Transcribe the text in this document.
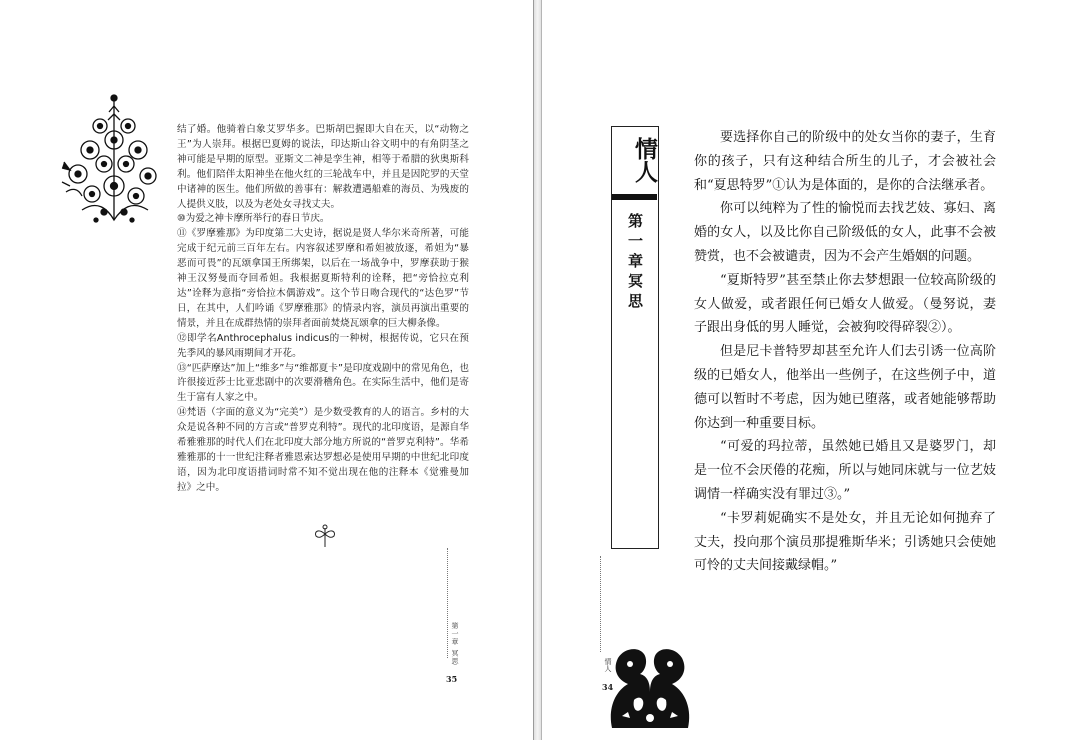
结了婚。他骑着白象艾罗华多。巴斯胡巴握即大自在天，以“动物之王”为人崇拜。根据巴夏姆的说法，印达斯山谷文明中的有角阴茎之神可能是早期的原型。亚斯文二神是孪生神，相等于希腊的狄奥斯科利。他们陪伴太阳神坐在他火红的三轮战车中，并且是因陀罗的天堂中诸神的医生。他们所做的善事有：解救遭遇船难的海员、为残废的人提供义肢，以及为老处女寻找丈夫。

⑩为爱之神卡摩所举行的春日节庆。

⑪《罗摩雅那》为印度第二大史诗，据说是贤人华尔米奇所著，可能完成于纪元前三百年左右。内容叙述罗摩和希妲被放逐，希妲为“暴恶而可畏”的瓦颂拿国王所绑架，以后在一场战争中，罗摩获助于猴神王汉努曼而夺回希妲。我根据夏斯特利的诠释，把“旁恰拉克利达”诠释为意指“旁恰拉木偶游戏”。这个节日吻合现代的“达色罗”节日，在其中，人们吟诵《罗摩雅那》的情录内容，演员再演出重要的情景，并且在成群热情的崇拜者面前焚烧瓦颂拿的巨大柳条像。

⑫即学名Anthrocephalus indicus的一种树，根据传说，它只在预先季风的暴风雨期间才开花。

⑬“匹萨摩达”加上“维多”与“维都夏卡”是印度戏剧中的常见角色，也许很接近莎士比亚悲剧中的次要滑稽角色。在实际生活中，他们是寄生于富有人家之中。

⑭梵语（字面的意义为“完美”）是少数受教育的人的语言。乡村的大众是说各种不同的方言或“普罗克利特”。现代的北印度语，是源自华希雅雅那的时代人们在北印度大部分地方所说的“普罗克利特”。华希雅雅那的十一世纪注释者雅恩索达罗想必是使用早期的中世纪北印度语，因为北印度语措词时常不知不觉出现在他的注释本《觉雅曼加拉》之中。

第一章 冥思
35
情人
第一章冥思
情人
34

要选择你自己的阶级中的处女当你的妻子，生育你的孩子，只有这种结合所生的儿子，才会被社会和“夏思特罗”①认为是体面的，是你的合法继承者。

你可以纯粹为了性的愉悦而去找艺妓、寡妇、离婚的女人，以及比你自己阶级低的女人，此事不会被赞赏，也不会被谴责，因为不会产生婚姻的问题。

“夏斯特罗”甚至禁止你去梦想跟一位较高阶级的女人做爱，或者跟任何已婚女人做爱。（曼努说，妻子跟出身低的男人睡觉，会被狗咬得碎裂②）。

但是尼卡普特罗却甚至允许人们去引诱一位高阶级的已婚女人，他举出一些例子，在这些例子中，道德可以暂时不考虑，因为她已堕落，或者她能够帮助你达到一种重要目标。

“可爱的玛拉蒂，虽然她已婚且又是婆罗门，却是一位不会厌倦的花痴，所以与她同床就与一位艺妓调情一样确实没有罪过③。”

“卡罗莉妮确实不是处女，并且无论如何抛弃了丈夫，投向那个演员那提雅斯华米；引诱她只会使她可怜的丈夫间接戴绿帽。”
